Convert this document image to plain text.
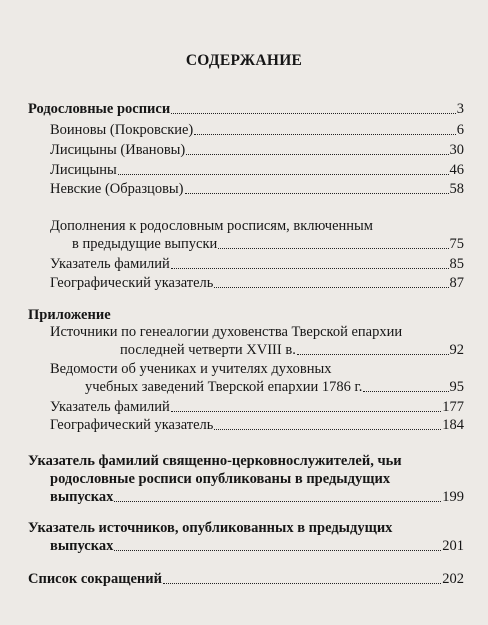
СОДЕРЖАНИЕ
Родословные росписи	3
Воиновы (Покровские)	6
Лисицыны (Ивановы)	30
Лисицыны	46
Невские (Образцовы)	58
Дополнения к родословным росписям, включенным
в предыдущие выпуски	75
Указатель фамилий	85
Географический указатель	87
Приложение
Источники по генеалогии духовенства Тверской епархии
последней четверти XVIII в.	92
Ведомости об учениках и учителях духовных
учебных заведений Тверской епархии 1786 г.	95
Указатель фамилий	177
Географический указатель	184
Указатель фамилий священно-церковнослужителей, чьи
родословные росписи опубликованы в предыдущих
выпусках	199
Указатель источников, опубликованных в предыдущих
выпусках	201
Список сокращений	202
